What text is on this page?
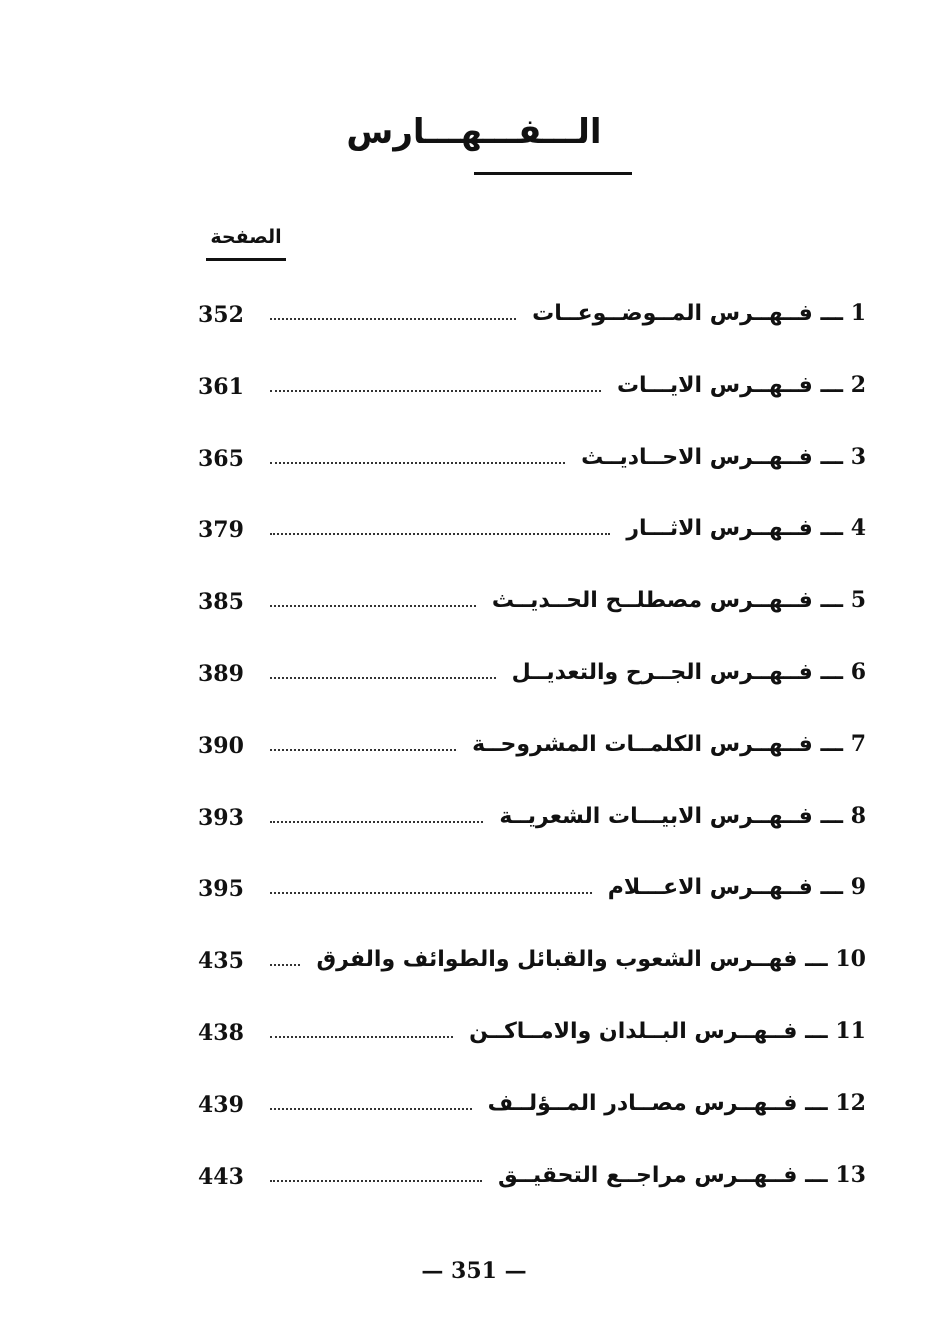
الـــفـــهـــارس
الصفحة
352	1 ـــ فــهــرس المــوضــوعــات
361	2 ـــ فــهــرس الايـــات
365	3 ـــ فــهــرس الاحــاديــث
379	4 ـــ فــهــرس الاثـــار
385	5 ـــ فــهــرس مصطلــح الحــديــث
389	6 ـــ فــهــرس الجــرح والتعديــل
390	7 ـــ فــهــرس الكلمــات المشروحــة
393	8 ـــ فــهــرس الابيـــات الشعريــة
395	9 ـــ فــهــرس الاعـــلام
435	10 ـــ فهــرس الشعوب والقبائل والطوائف والفرق
438	11 ـــ فــهــرس البــلدان والامــاكــن
439	12 ـــ فــهــرس مصــادر المــؤلــف
443	13 ـــ فــهــرس مراجــع التحقيــق
— 351 —
